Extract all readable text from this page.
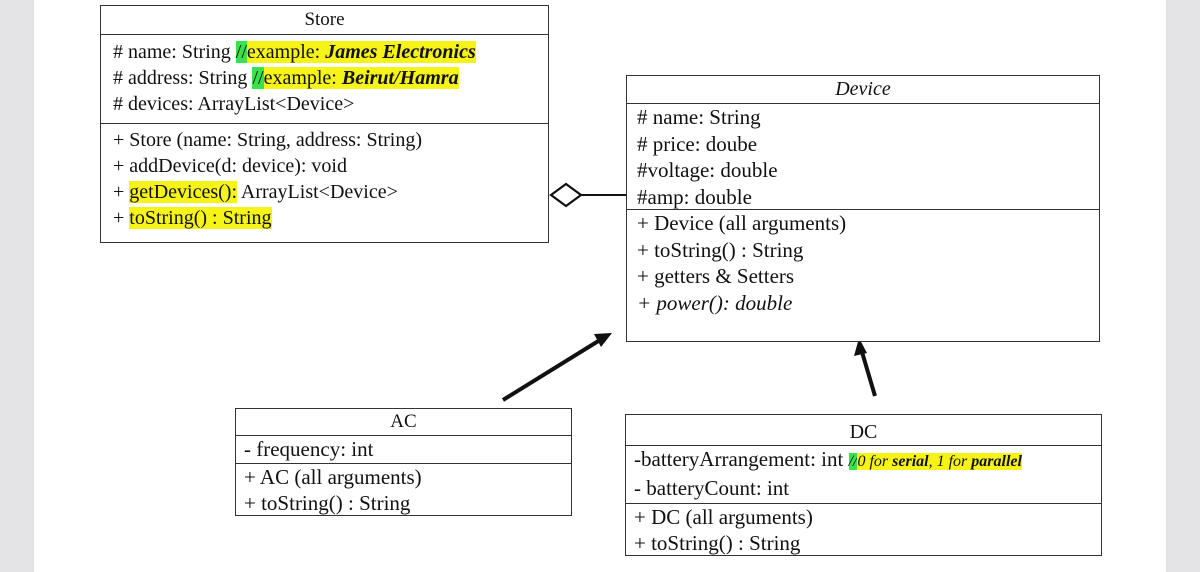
Store
# name: String //example: James Electronics
# address: String //example: Beirut/Hamra
# devices: ArrayList<Device>
+ Store (name: String, address: String)
+ addDevice(d: device): void
+ getDevices(): ArrayList<Device>
+ toString() : String
Device
# name: String
# price: doube
#voltage: double
#amp: double
+ Device (all arguments)
+ toString() : String
+ getters & Setters
+ power(): double
AC
- frequency: int
+ AC (all arguments)
+ toString() : String
DC
-batteryArrangement: int //0 for serial, 1 for parallel
- batteryCount: int
+ DC (all arguments)
+ toString() : String
